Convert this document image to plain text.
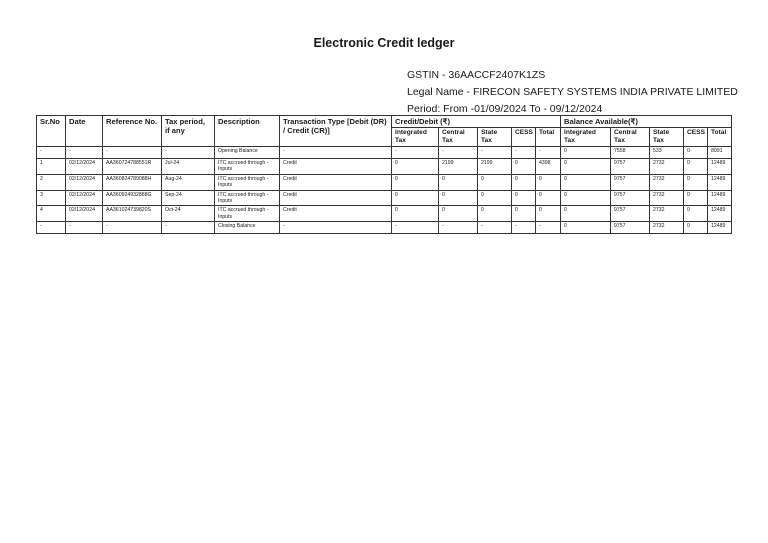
Electronic Credit ledger
GSTIN - 36AACCF2407K1ZS
Legal Name - FIRECON SAFETY SYSTEMS INDIA PRIVATE LIMITED
Period: From -01/09/2024 To - 09/12/2024
Sr.No	Date	Reference No.	Tax period, if any	Description	Transaction Type [Debit (DR) / Credit (CR)]	Credit/Debit (₹)					Balance Available(₹)				
						Integrated Tax	Central Tax	State Tax	CESS	Total	Integrated Tax	Central Tax	State Tax	CESS	Total
-	-	-	-	Opening Balance	-	-	-	-	-	-	0	7558	533	0	8091
1	02/12/2024	AA360724788551R	Jul-24	ITC accrued through - Inputs	Credit	0	2199	2199	0	4398	0	9757	2732	0	12489
2	02/12/2024	AA360824789088H	Aug-24	ITC accrued through - Inputs	Credit	0	0	0	0	0	0	9757	2732	0	12489
3	02/12/2024	AA360924932888G	Sep-24	ITC accrued through - Inputs	Credit	0	0	0	0	0	0	9757	2732	0	12489
4	02/12/2024	AA361024739820S	Oct-24	ITC accrued through - Inputs	Credit	0	0	0	0	0	0	9757	2732	0	12489
-	-	-	-	Closing Balance	-	-	-	-	-	-	0	9757	2732	0	12489
